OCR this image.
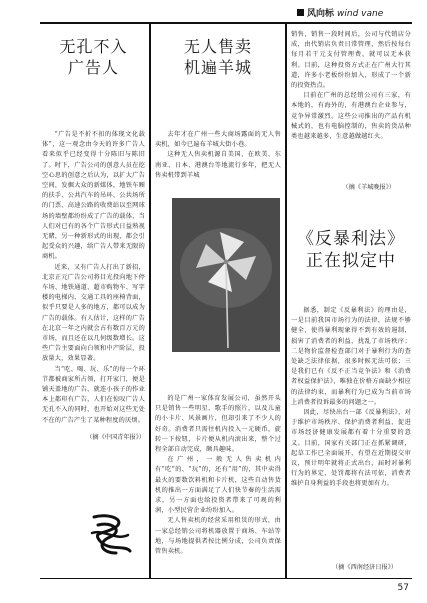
风向标 wind vane
无孔不入
广告人

“广告是不折不扣的体现文化载体”，这一观念由今天的许多广告人看来似乎已经变得十分陈旧与陈旧了。时下，广告公司的创意人员在挖空心思的创意之后认为，以扩大广告空间，发掘大众的新媒体，地铁车厢的扶手、公共汽车的吊环、公共场所的门票、高速公路的收费站以至网球场的墙壁都纷纷成了广告的载体，当人们对已有的各个广告形式日益熟视无睹，另一种新形式的出现，都会引起受众的兴趣，给广告人带来无限的商机。

近来，又有广告人打出了新招，北京正元广告公司将目光投向地下停车场、地铁通道、超市购物车、写字楼的电梯内、交通工具的座椅背面，似乎只要是人多的地方，都可以成为广告的载体。有人估计，这样的广告在北京一年之内就会占有数百万元的市场，而且还在以几何级数增长。这些广告主要面向白领和中产阶层，投放量大，效果显著。

当“吃、喝、玩、乐”的每一个环节都被商家所占领，打开家门，便是铺天盖地的广告，就连小孩子的作业本上都印有广告，人们在惊叹广告人无孔不入的同时，也开始对这些无处不在的广告产生了某种程度的厌烦。

（摘《中国青年报》）
无人售卖
机遍羊城

去年才在广州一些大商场露面的无人售卖机，如今已遍布羊城大街小巷。

这种无人售卖机源自美国，在欧美、东南亚、日本、港澳台等地流行多年，把无人售卖机带到羊城

的是广州一家体育发展公司，虽然开头只是销售一些明星、歌手的照片，以及儿童的小卡片、风景画片，但却引来了不少人的好奇。消费者只需往机内投入一元硬币，旋转一下按钮，卡片便从机内滚出来，整个过程全部自动完成，颇具趣味。

在广州，一般无人售卖机内有“吃”的、“玩”的，还有“用”的，其中卖得最火的要数饮料机和卡片机，这些自动售货机的推出一方面满足了人们快节奏的生活需求，另一方面也给投资者带来了可观的利润，小型民营企业纷纷加入。

无人售卖机的经营采用租赁的形式，由一家总经销公司将机器放置于商场、车站等地，与场地提供者按比例分成，公司负责保管售卖机。

销售，销售一段时间后，公司与代销店分成，由代销店负责日常管理，然后按每台每月若干元支付管理费，就可以无本获利。目前，这种投资方式正在广州大行其道，许多小老板纷纷加入，形成了一个新的投资热点。

目前在广州的总经销公司有三家，有本地的，有海外的，有港澳台企业参与，竞争异常激烈。这些公司推出的产品有机械式的，也有电脑控制的，售卖的货品种类也越来越多，生意越做越红火。

（摘《羊城晚报》）
《反暴利法》
正在拟定中

据悉，制定《反暴利法》的理由是，一是目前我国市场行为的法律，法规不够健全，使得暴利现象得不到有效的遏制，损害了消费者的利益，扰乱了市场秩序；二是物价监督检查部门对于暴利行为的查处缺乏法律依据，很多时候无法可依；三是我们已有《反不正当竞争法》和《消费者权益保护法》，唯独在价格方面缺少相应的法律约束，而暴利行为已成为当前市场上消费者投诉最多的问题之一。

因此，尽快出台一部《反暴利法》，对于维护市场秩序、保护消费者利益、促进市场经济健康发展都有着十分重要的意义。目前，国家有关部门正在抓紧调研，起草工作已全面展开，有望在近期提交审议，预计明年就将正式出台，届时对暴利行为的界定、处罚都将有法可依，消费者维护自身利益的手段也将更加有力。

（摘《西南经济日报》）
57
